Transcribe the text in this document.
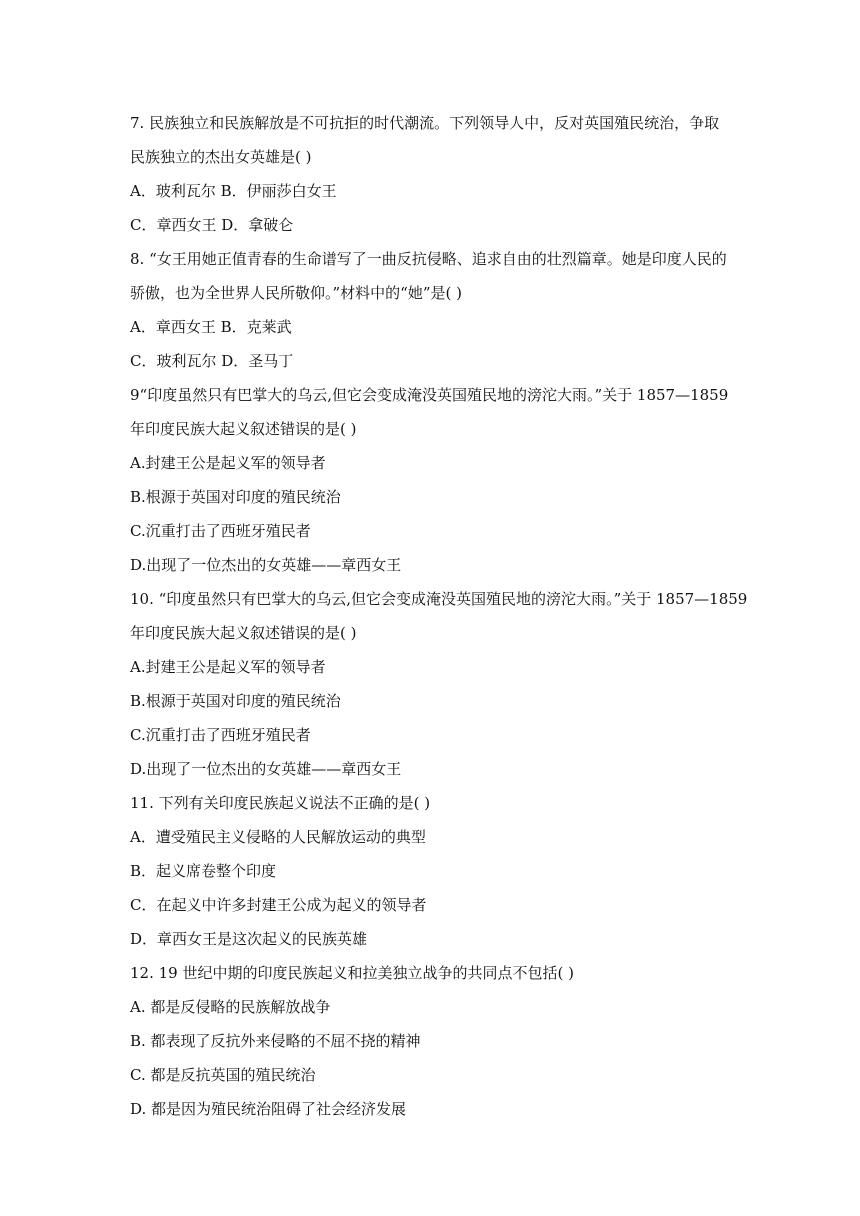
7. 民族独立和民族解放是不可抗拒的时代潮流。下列领导人中，反对英国殖民统治，争取
民族独立的杰出女英雄是( )
A．玻利瓦尔 B．伊丽莎白女王
C．章西女王 D．拿破仑
8. “女王用她正值青春的生命谱写了一曲反抗侵略、追求自由的壮烈篇章。她是印度人民的
骄傲，也为全世界人民所敬仰。”材料中的“她”是( )
A．章西女王 B．克莱武
C．玻利瓦尔 D．圣马丁
9“印度虽然只有巴掌大的乌云,但它会变成淹没英国殖民地的滂沱大雨。”关于 1857—1859
年印度民族大起义叙述错误的是( )
A.封建王公是起义军的领导者
B.根源于英国对印度的殖民统治
C.沉重打击了西班牙殖民者
D.出现了一位杰出的女英雄——章西女王
10. “印度虽然只有巴掌大的乌云,但它会变成淹没英国殖民地的滂沱大雨。”关于 1857—1859
年印度民族大起义叙述错误的是( )
A.封建王公是起义军的领导者
B.根源于英国对印度的殖民统治
C.沉重打击了西班牙殖民者
D.出现了一位杰出的女英雄——章西女王
11. 下列有关印度民族起义说法不正确的是( )
A．遭受殖民主义侵略的人民解放运动的典型
B．起义席卷整个印度
C．在起义中许多封建王公成为起义的领导者
D．章西女王是这次起义的民族英雄
12. 19 世纪中期的印度民族起义和拉美独立战争的共同点不包括( )
A. 都是反侵略的民族解放战争
B. 都表现了反抗外来侵略的不屈不挠的精神
C. 都是反抗英国的殖民统治
D. 都是因为殖民统治阻碍了社会经济发展
